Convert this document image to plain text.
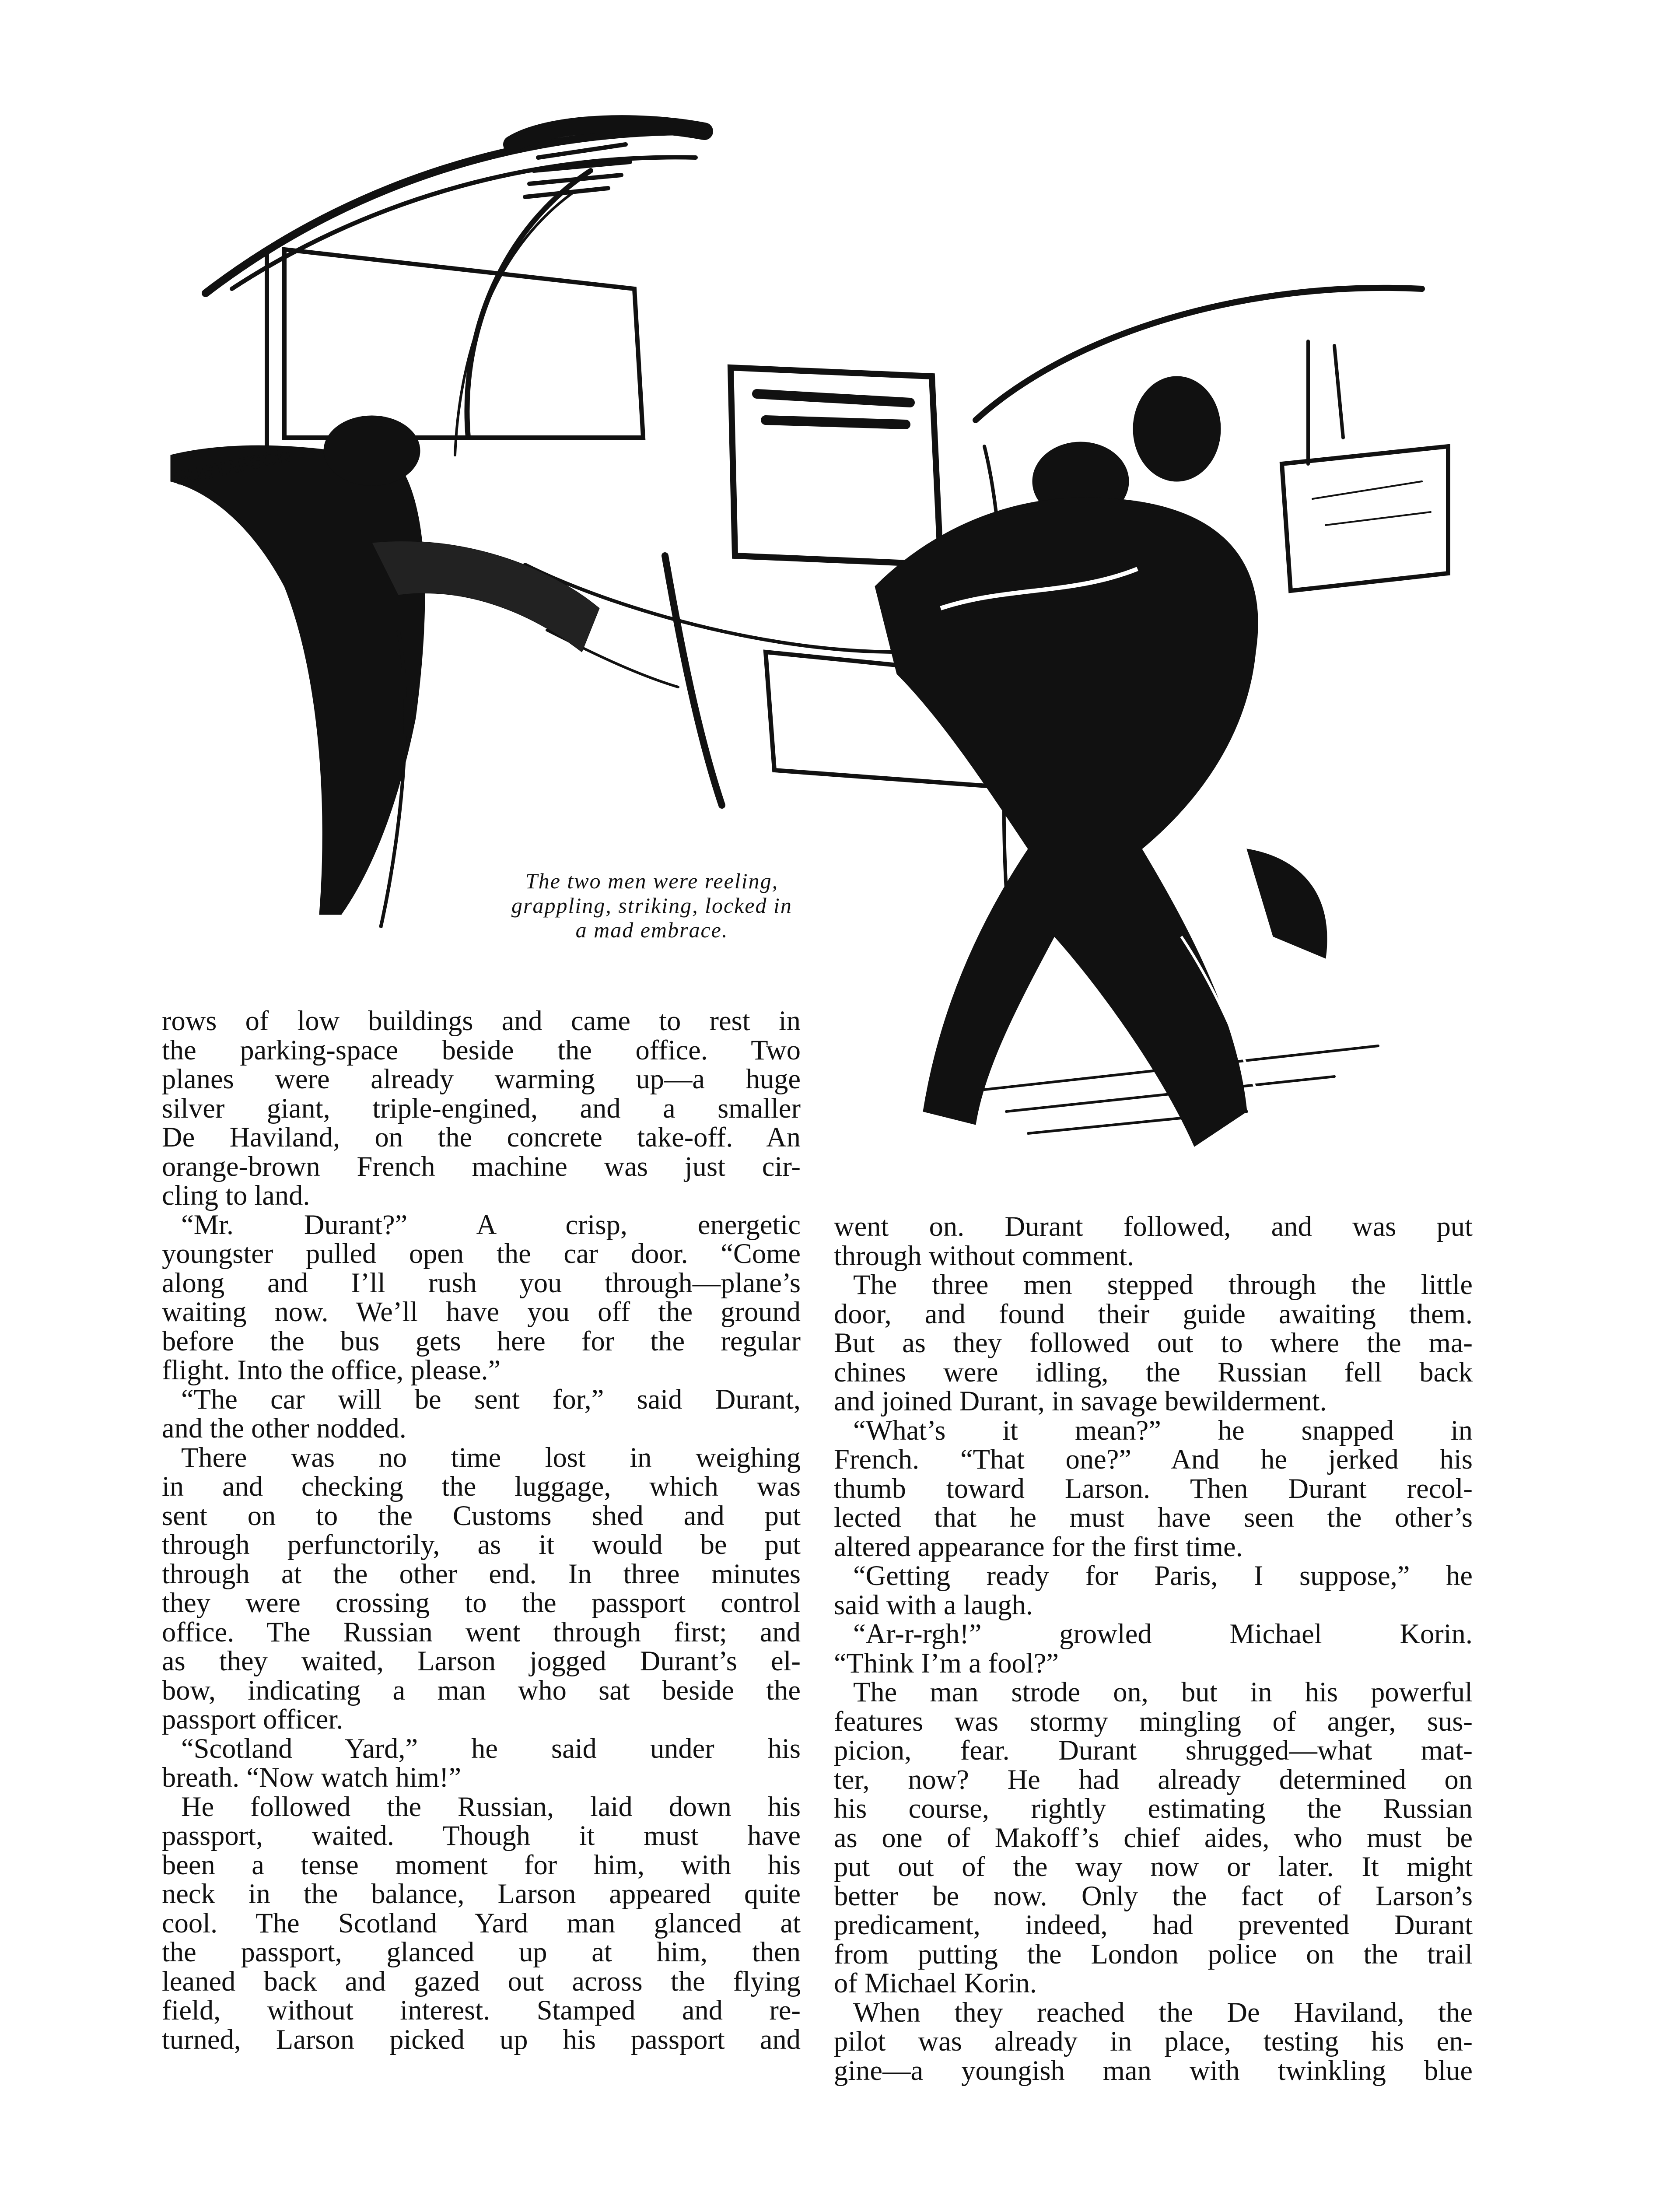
GUSTAFSON
The two men were reeling,
grappling, striking, locked in
a mad embrace.
rows of low buildings and came to rest in
the parking-space beside the office. Two
planes were already warming up—a huge
silver giant, triple-engined, and a smaller
De Haviland, on the concrete take-off. An
orange-brown French machine was just cir-
cling to land.
“Mr. Durant?” A crisp, energetic
youngster pulled open the car door. “Come
along and I’ll rush you through—plane’s
waiting now. We’ll have you off the ground
before the bus gets here for the regular
flight. Into the office, please.”
“The car will be sent for,” said Durant,
and the other nodded.
There was no time lost in weighing
in and checking the luggage, which was
sent on to the Customs shed and put
through perfunctorily, as it would be put
through at the other end. In three minutes
they were crossing to the passport control
office. The Russian went through first; and
as they waited, Larson jogged Durant’s el-
bow, indicating a man who sat beside the
passport officer.
“Scotland Yard,” he said under his
breath. “Now watch him!”
He followed the Russian, laid down his
passport, waited. Though it must have
been a tense moment for him, with his
neck in the balance, Larson appeared quite
cool. The Scotland Yard man glanced at
the passport, glanced up at him, then
leaned back and gazed out across the flying
field, without interest. Stamped and re-
turned, Larson picked up his passport and
went on. Durant followed, and was put
through without comment.
The three men stepped through the little
door, and found their guide awaiting them.
But as they followed out to where the ma-
chines were idling, the Russian fell back
and joined Durant, in savage bewilderment.
“What’s it mean?” he snapped in
French. “That one?” And he jerked his
thumb toward Larson. Then Durant recol-
lected that he must have seen the other’s
altered appearance for the first time.
“Getting ready for Paris, I suppose,” he
said with a laugh.
“Ar-r-rgh!” growled Michael Korin.
“Think I’m a fool?”
The man strode on, but in his powerful
features was stormy mingling of anger, sus-
picion, fear. Durant shrugged—what mat-
ter, now? He had already determined on
his course, rightly estimating the Russian
as one of Makoff’s chief aides, who must be
put out of the way now or later. It might
better be now. Only the fact of Larson’s
predicament, indeed, had prevented Durant
from putting the London police on the trail
of Michael Korin.
When they reached the De Haviland, the
pilot was already in place, testing his en-
gine—a youngish man with twinkling blue
